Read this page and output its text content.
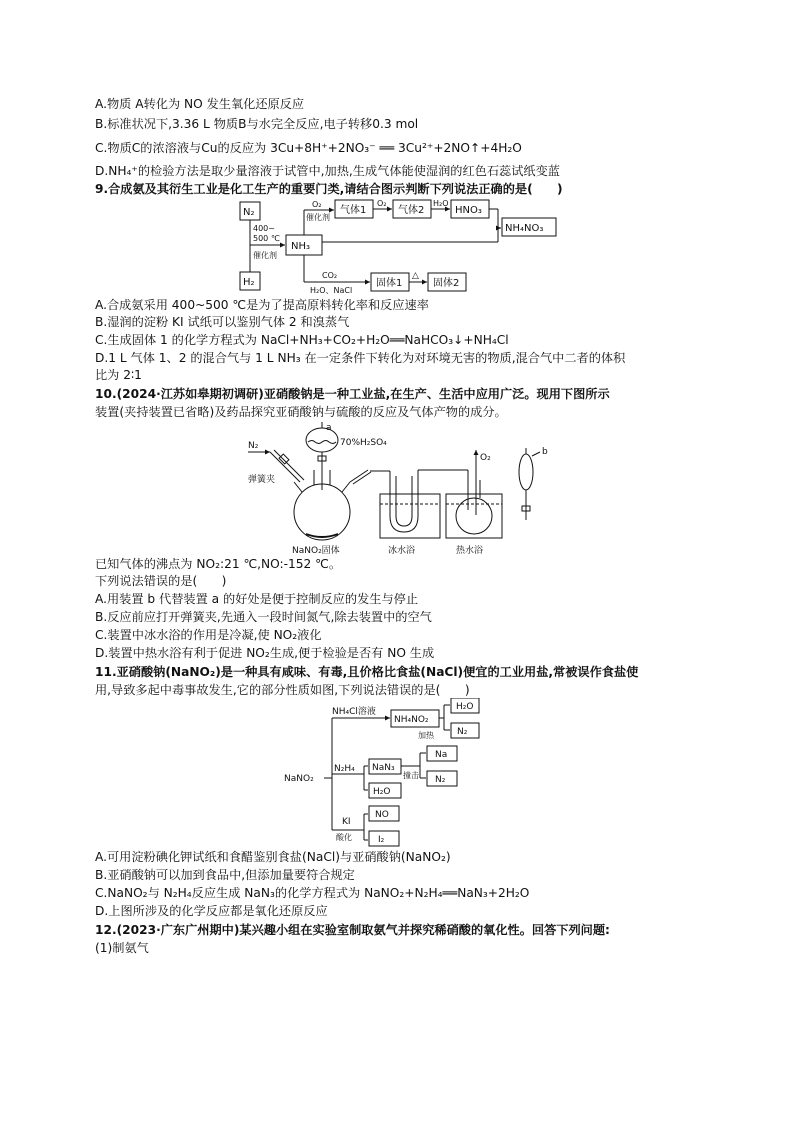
A.物质 A转化为 NO 发生氧化还原反应
B.标准状况下,3.36 L 物质B与水完全反应,电子转移0.3 mol
C.物质C的浓溶液与Cu的反应为 3Cu+8H⁺+2NO₃⁻ ══ 3Cu²⁺+2NO↑+4H₂O
D.NH₄⁺的检验方法是取少量溶液于试管中,加热,生成气体能使湿润的红色石蕊试纸变蓝
9.合成氨及其衍生工业是化工生产的重要门类,请结合图示判断下列说法正确的是(　　)
N₂
H₂
400~
500 ℃
催化剂
NH₃
O₂
催化剂
气体1
O₂
气体2
H₂O
HNO₃
NH₄NO₃
CO₂
H₂O、NaCl
固体1
△
固体2
A.合成氨采用 400~500 ℃是为了提高原料转化率和反应速率
B.湿润的淀粉 KI 试纸可以鉴别气体 2 和溴蒸气
C.生成固体 1 的化学方程式为 NaCl+NH₃+CO₂+H₂O══NaHCO₃↓+NH₄Cl
D.1 L 气体 1、2 的混合气与 1 L NH₃ 在一定条件下转化为对环境无害的物质,混合气中二者的体积
比为 2∶1
10.(2024·江苏如皋期初调研)亚硝酸钠是一种工业盐,在生产、生活中应用广泛。现用下图所示
装置(夹持装置已省略)及药品探究亚硝酸钠与硫酸的反应及气体产物的成分。
N₂
弹簧夹
a
70%H₂SO₄
NaNO₂固体	冰水浴
O₂
热水浴
b
已知气体的沸点为 NO₂:21 ℃,NO:-152 ℃。
下列说法错误的是(　　)
A.用装置 b 代替装置 a 的好处是便于控制反应的发生与停止
B.反应前应打开弹簧夹,先通入一段时间氮气,除去装置中的空气
C.装置中冰水浴的作用是冷凝,使 NO₂液化
D.装置中热水浴有利于促进 NO₂生成,便于检验是否有 NO 生成
11.亚硝酸钠(NaNO₂)是一种具有咸味、有毒,且价格比食盐(NaCl)便宜的工业用盐,常被误作食盐使
用,导致多起中毒事故发生,它的部分性质如图,下列说法错误的是(　　)
NaNO₂
NH₄Cl溶液
NH₄NO₂
加热
H₂O
N₂
N₂H₄ NaN₃
H₂O
撞击
Na
N₂
KI
酸化
NO
I₂
A.可用淀粉碘化钾试纸和食醋鉴别食盐(NaCl)与亚硝酸钠(NaNO₂)
B.亚硝酸钠可以加到食品中,但添加量要符合规定
C.NaNO₂与 N₂H₄反应生成 NaN₃的化学方程式为 NaNO₂+N₂H₄══NaN₃+2H₂O
D.上图所涉及的化学反应都是氧化还原反应
12.(2023·广东广州期中)某兴趣小组在实验室制取氨气并探究稀硝酸的氧化性。回答下列问题:
(1)制氨气
